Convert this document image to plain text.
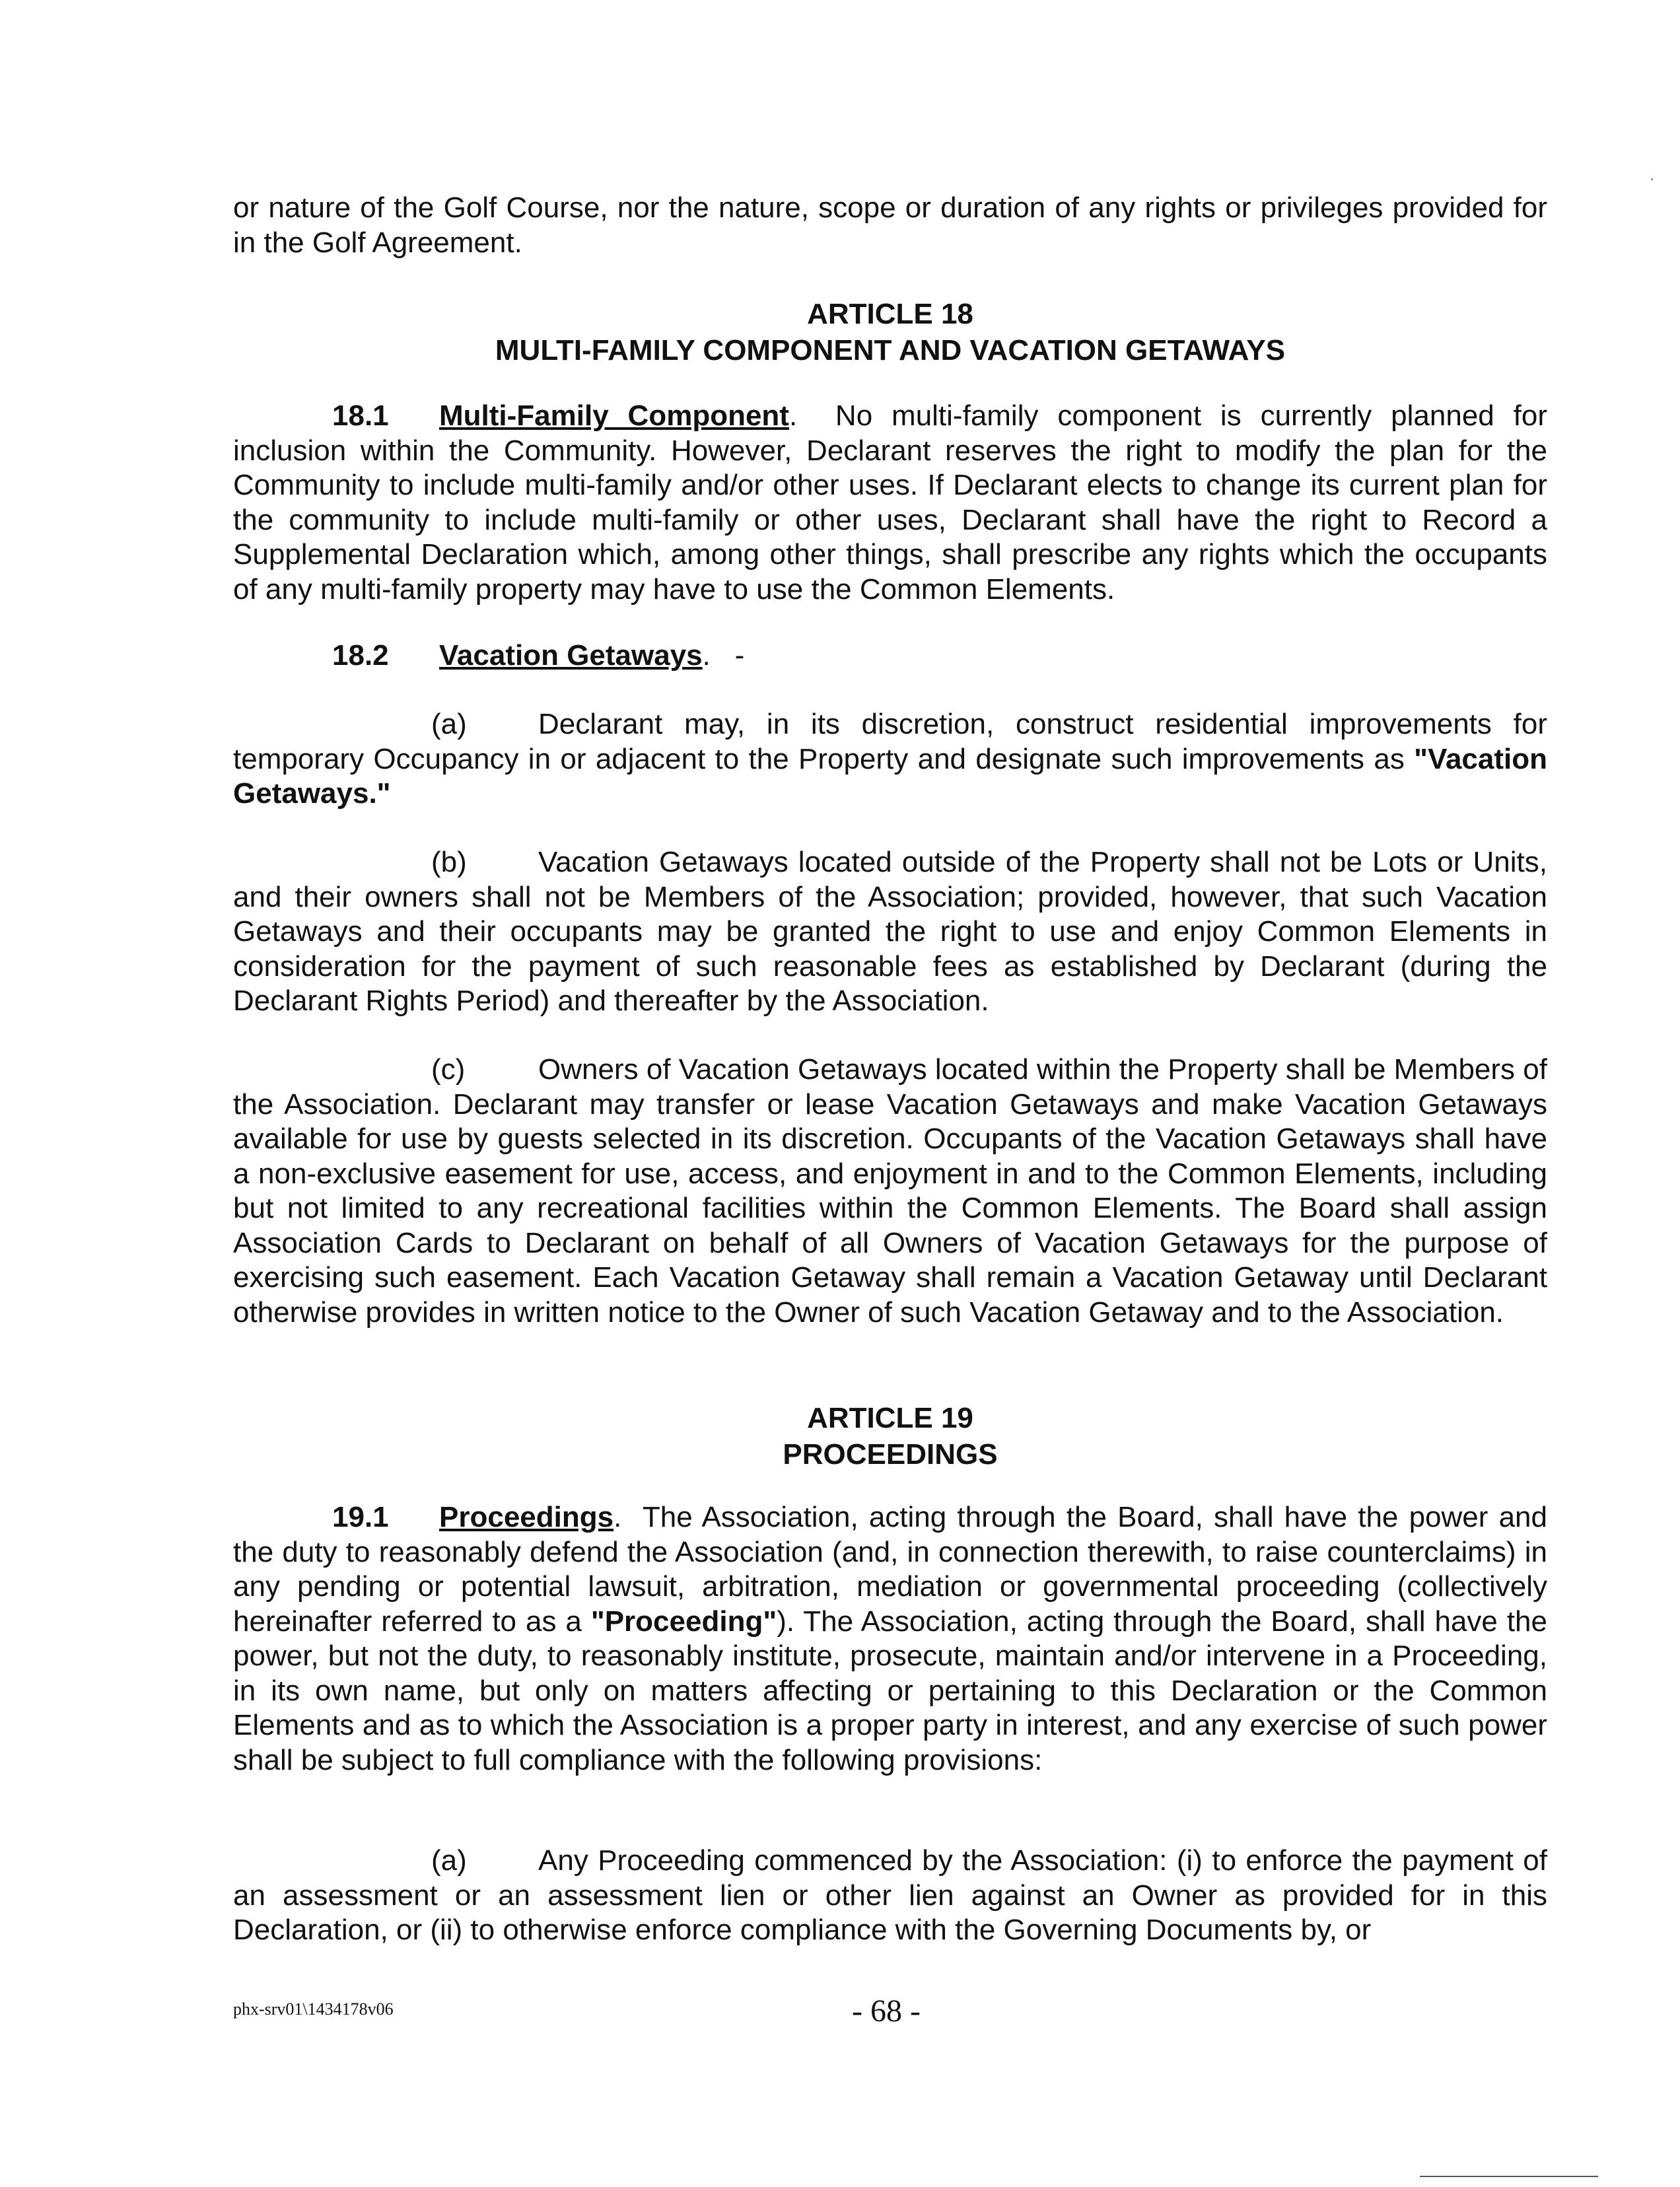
or nature of the Golf Course, nor the nature, scope or duration of any rights or privileges provided for in the Golf Agreement.

ARTICLE 18
MULTI-FAMILY COMPONENT AND VACATION GETAWAYS

18.1 Multi-Family Component.  No multi-family component is currently planned for inclusion within the Community. However, Declarant reserves the right to modify the plan for the Community to include multi-family and/or other uses. If Declarant elects to change its current plan for the community to include multi-family or other uses, Declarant shall have the right to Record a Supplemental Declaration which, among other things, shall prescribe any rights which the occupants of any multi-family property may have to use the Common Elements.

18.2 Vacation Getaways.   -

(a) Declarant may, in its discretion, construct residential improvements for temporary Occupancy in or adjacent to the Property and designate such improvements as "Vacation Getaways."

(b) Vacation Getaways located outside of the Property shall not be Lots or Units, and their owners shall not be Members of the Association; provided, however, that such Vacation Getaways and their occupants may be granted the right to use and enjoy Common Elements in consideration for the payment of such reasonable fees as established by Declarant (during the Declarant Rights Period) and thereafter by the Association.

(c)	Owners of Vacation Getaways located within the Property shall be Members of the Association. Declarant may transfer or lease Vacation Getaways and make Vacation Getaways available for use by guests selected in its discretion. Occupants of the Vacation Getaways shall have a non-exclusive easement for use, access, and enjoyment in and to the Common Elements, including but not limited to any recreational facilities within the Common Elements. The Board shall assign Association Cards to Declarant on behalf of all Owners of Vacation Getaways for the purpose of exercising such easement. Each Vacation Getaway shall remain a Vacation Getaway until Declarant otherwise provides in written notice to the Owner of such Vacation Getaway and to the Association.

ARTICLE 19
PROCEEDINGS

19.1 Proceedings.  The Association, acting through the Board, shall have the power and the duty to reasonably defend the Association (and, in connection therewith, to raise counterclaims) in any pending or potential lawsuit, arbitration, mediation or governmental proceeding (collectively hereinafter referred to as a "Proceeding"). The Association, acting through the Board, shall have the power, but not the duty, to reasonably institute, prosecute, maintain and/or intervene in a Proceeding, in its own name, but only on matters affecting or pertaining to this Declaration or the Common Elements and as to which the Association is a proper party in interest, and any exercise of such power shall be subject to full compliance with the following provisions:

(a) Any Proceeding commenced by the Association: (i) to enforce the payment of an assessment or an assessment lien or other lien against an Owner as provided for in this Declaration, or (ii) to otherwise enforce compliance with the Governing Documents by, or

phx-srv01\1434178v06	- 68 -
